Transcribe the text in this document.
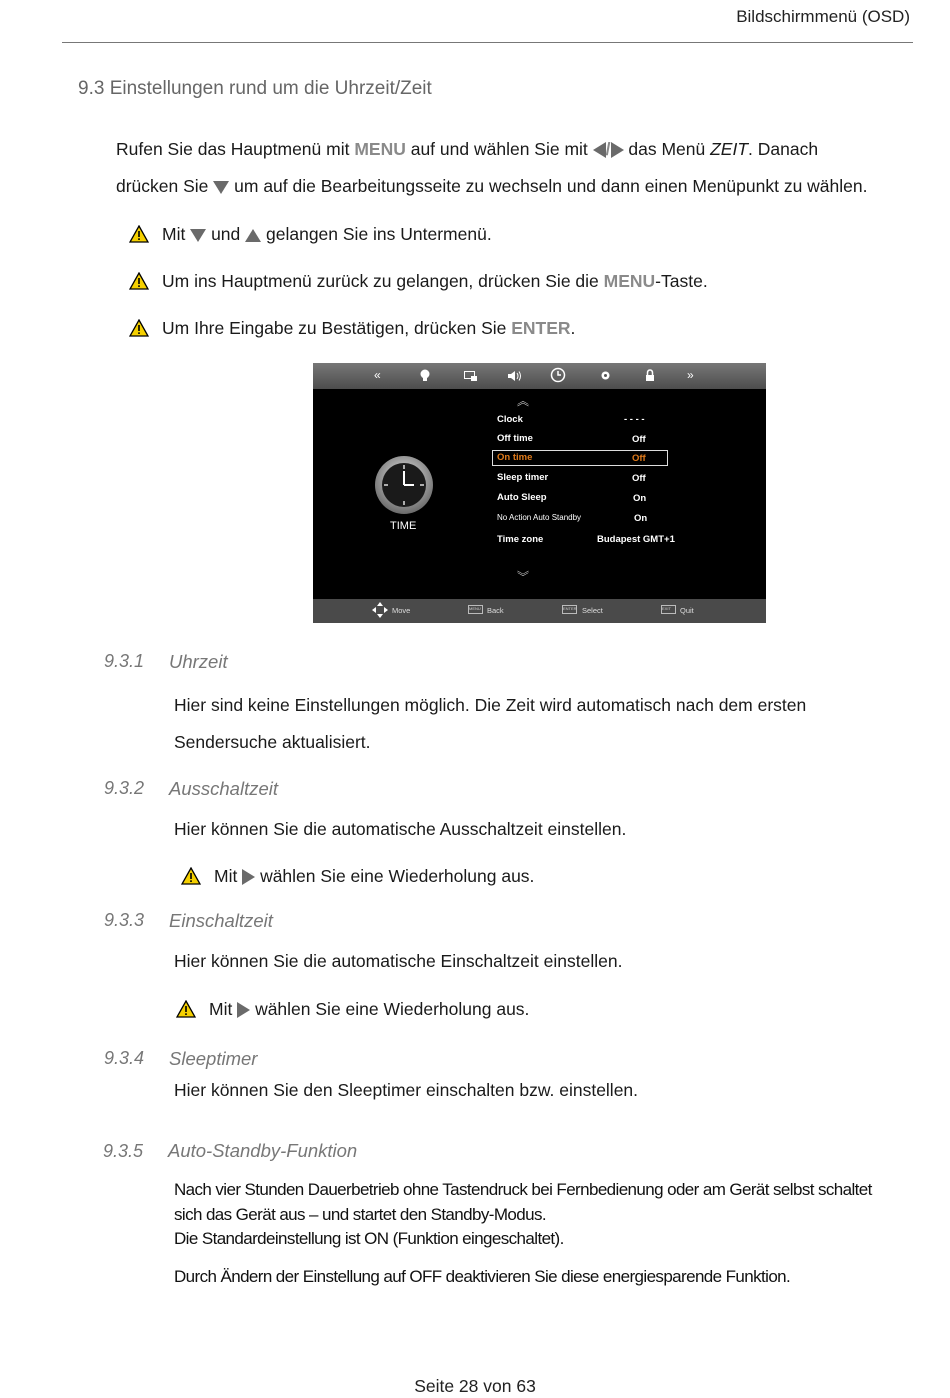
Bildschirmmenü (OSD)
9.3 Einstellungen rund um die Uhrzeit/Zeit
Rufen Sie das Hauptmenü mit MENU auf und wählen Sie mit / das Menü ZEIT. Danach
drücken Sie  um auf die Bearbeitungsseite zu wechseln und dann einen Menüpunkt zu wählen.
Mit  und  gelangen Sie ins Untermenü.
Um ins Hauptmenü zurück zu gelangen, drücken Sie die MENU-Taste.
Um Ihre Eingabe zu Bestätigen, drücken Sie ENTER.
«	»
TIME
︽
Clock	- - - -
Off time	Off
On time	Off
Sleep timer	Off
Auto Sleep	On
No Action Auto Standby	On
Time zone	Budapest GMT+1
︾
Move	MENU Back	ENTER Select	EXIT	Quit
9.3.1 Uhrzeit
Hier sind keine Einstellungen möglich. Die Zeit wird automatisch nach dem ersten
Sendersuche aktualisiert.
9.3.2 Ausschaltzeit
Hier können Sie die automatische Ausschaltzeit einstellen.
Mit  wählen Sie eine Wiederholung aus.
9.3.3 Einschaltzeit
Hier können Sie die automatische Einschaltzeit einstellen.
Mit  wählen Sie eine Wiederholung aus.
9.3.4 Sleeptimer
Hier können Sie den Sleeptimer einschalten bzw. einstellen.
9.3.5 Auto-Standby-Funktion
Nach vier Stunden Dauerbetrieb ohne Tastendruck bei Fernbedienung oder am Gerät selbst schaltet
sich das Gerät aus – und startet den Standby-Modus.
Die Standardeinstellung ist ON (Funktion eingeschaltet).
Durch Ändern der Einstellung auf OFF deaktivieren Sie diese energiesparende Funktion.
Seite 28 von 63
